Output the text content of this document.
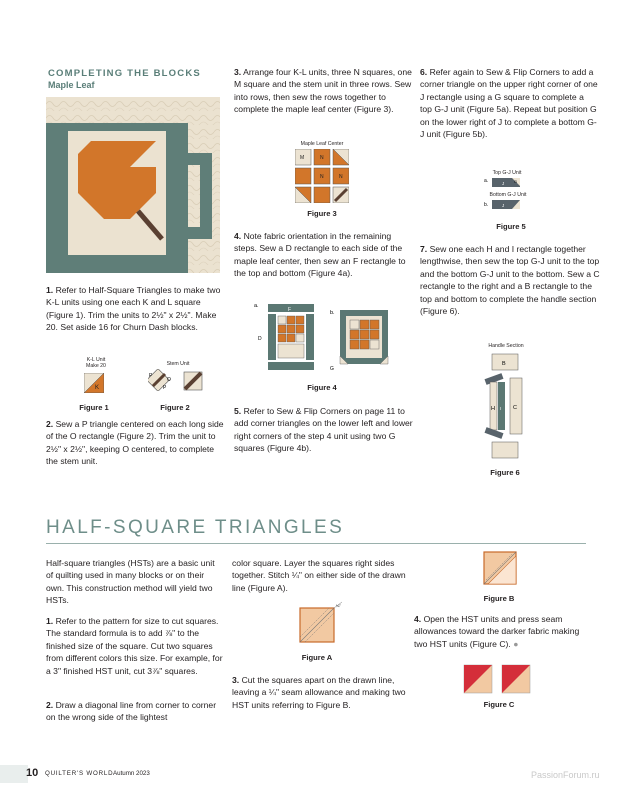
COMPLETING THE BLOCKS
Maple Leaf
1. Refer to Half-Square Triangles to make two K-L units using one each K and L square (Figure 1). Trim the units to 2½" x 2½". Make 20. Set aside 16 for Churn Dash blocks.
K-L Unit
Make 20
K
Figure 1
Stem Unit
P
O
P
Figure 2
2. Sew a P triangle centered on each long side of the O rectangle (Figure 2). Trim the unit to 2½" x 2½", keeping O centered, to complete the stem unit.
3. Arrange four K-L units, three N squares, one M square and the stem unit in three rows. Sew into rows, then sew the rows together to complete the maple leaf center (Figure 3).
Maple Leaf Center
M	N
N	N
Figure 3
4. Note fabric orientation in the remaining steps. Sew a D rectangle to each side of the maple leaf center, then sew an F rectangle to the top and bottom (Figure 4a).
a.
F
D
b.
G
Figure 4
5. Refer to Sew & Flip Corners on page 11 to add corner triangles on the lower left and lower right corners of the step 4 unit using two G squares (Figure 4b).
6. Refer again to Sew & Flip Corners to add a corner triangle on the upper right corner of one J rectangle using a G square to complete a top G-J unit (Figure 5a). Repeat but position G on the lower right of J to complete a bottom G-J unit (Figure 5b).
Top G-J Unit
Bottom G-J Unit
a.	G
J
b.	J
Figure 5
7. Sew one each H and I rectangle together lengthwise, then sew the top G-J unit to the top and the bottom G-J unit to the bottom. Sew a C rectangle to the right and a B rectangle to the top and bottom to complete the handle section (Figure 6).
Handle Section
B
H I C
Figure 6
HALF-SQUARE TRIANGLES
Half-square triangles (HSTs) are a basic unit of quilting used in many blocks or on their own. This construction method will yield two HSTs.
1. Refer to the pattern for size to cut squares. The standard formula is to add ⅞" to the finished size of the square. Cut two squares from different colors this size. For example, for a 3" finished HST unit, cut 3⅞" squares.
2. Draw a diagonal line from corner to corner on the wrong side of the lightest
color square. Layer the squares right sides together. Stitch ¼" on either side of the drawn line (Figure A).
¼"
Figure A
3. Cut the squares apart on the drawn line, leaving a ¼" seam allowance and making two HST units referring to Figure B.
Figure B
4. Open the HST units and press seam allowances toward the darker fabric making two HST units (Figure C). ●
Figure C
10 QUILTER'S WORLD Autumn 2023	PassionForum.ru
